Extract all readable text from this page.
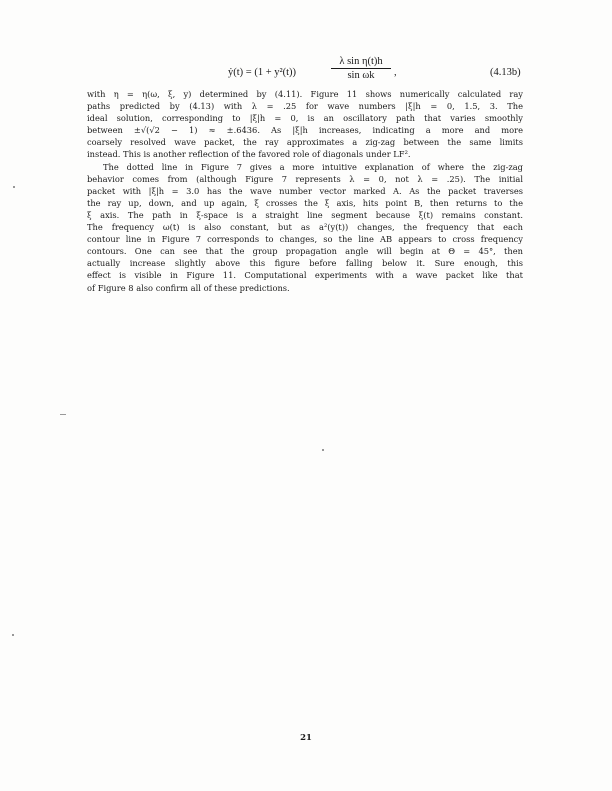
ẏ(t) = (1 + y²(t))
λ sin η(t)h
sin ωk	,	(4.13b)
with η = η(ω, ξ, y) determined by (4.11). Figure 11 shows numerically calculated ray
paths predicted by (4.13) with λ = .25 for wave numbers |ξ̄|h = 0, 1.5, 3. The
ideal solution, corresponding to |ξ̄|h = 0, is an oscillatory path that varies smoothly
between ±√(√2 − 1) ≈ ±.6436. As |ξ̄|h increases, indicating a more and more
coarsely resolved wave packet, the ray approximates a zig-zag between the same limits
instead. This is another reflection of the favored role of diagonals under LF².
The dotted line in Figure 7 gives a more intuitive explanation of where the zig-zag
behavior comes from (although Figure 7 represents λ = 0, not λ = .25). The initial
packet with |ξ̄|h = 3.0 has the wave number vector marked A. As the packet traverses
the ray up, down, and up again, ξ̄ crosses the ξ axis, hits point B, then returns to the
ξ axis. The path in ξ̄-space is a straight line segment because ξ(t) remains constant.
The frequency ω(t) is also constant, but as a²(y(t)) changes, the frequency that each
contour line in Figure 7 corresponds to changes, so the line AB appears to cross frequency
contours. One can see that the group propagation angle will begin at Θ = 45°, then
actually increase slightly above this figure before falling below it. Sure enough, this
effect is visible in Figure 11. Computational experiments with a wave packet like that
of Figure 8 also confirm all of these predictions.
21
